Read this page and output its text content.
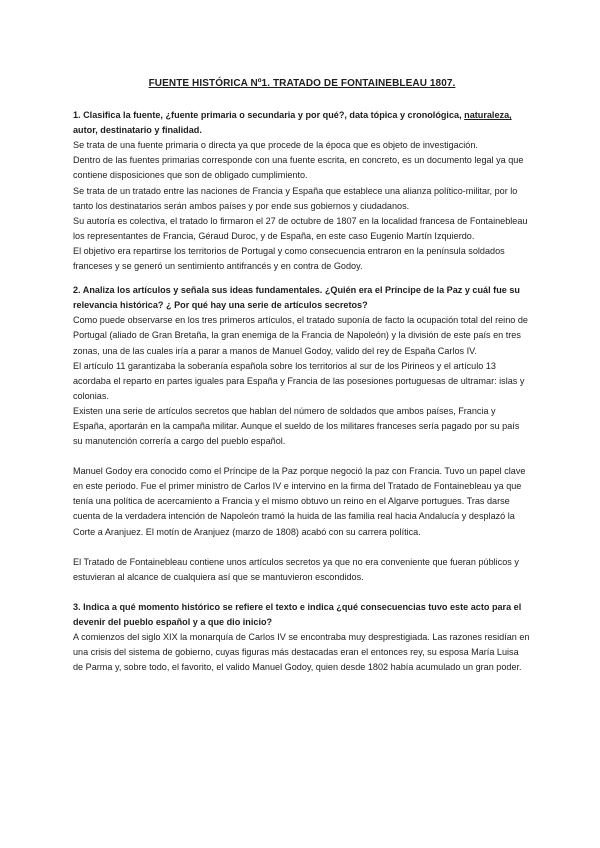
FUENTE HISTÓRICA Nº1. TRATADO DE FONTAINEBLEAU 1807.

1. Clasifica la fuente, ¿fuente primaria o secundaria y por qué?, data tópica y cronológica, naturaleza, autor, destinatario y finalidad.

Se trata de una fuente primaria o directa ya que procede de la época que es objeto de investigación.

Dentro de las fuentes primarias corresponde con una fuente escrita, en concreto, es un documento legal ya que contiene disposiciones que son de obligado cumplimiento.

Se trata de un tratado entre las naciones de Francia y España que establece una alianza político-militar, por lo tanto los destinatarios serán ambos países y por ende sus gobiernos y ciudadanos.

Su autoría es colectiva, el tratado lo firmaron el 27 de octubre de 1807 en la localidad francesa de Fontainebleau los representantes de Francia, Géraud Duroc, y de España, en este caso Eugenio Martín Izquierdo.

El objetivo era repartirse los territorios de Portugal y como consecuencia entraron en la península soldados franceses y se generó un sentimiento antifrancés y en contra de Godoy.

2. Analiza los artículos y señala sus ideas fundamentales. ¿Quién era el Príncipe de la Paz y cuál fue su relevancia histórica? ¿ Por qué hay una serie de artículos secretos?

Como puede observarse en los tres primeros artículos, el tratado suponía de facto la ocupación total del reino de Portugal (aliado de Gran Bretaña, la gran enemiga de la Francia de Napoleón) y la división de este país en tres zonas, una de las cuales iría a parar a manos de Manuel Godoy, valido del rey de España Carlos IV.

El artículo 11 garantizaba la soberanía española sobre los territorios al sur de los Pirineos y el artículo 13 acordaba el reparto en partes iguales para España y Francia de las posesiones portuguesas de ultramar: islas y colonias.

Existen una serie de artículos secretos que hablan del número de soldados que ambos países, Francia y España, aportarán en la campaña militar. Aunque el sueldo de los militares franceses sería pagado por su país su manutención correría a cargo del pueblo español.

Manuel Godoy era conocido como el Príncipe de la Paz porque negoció la paz con Francia. Tuvo un papel clave en este periodo. Fue el primer ministro de Carlos IV e intervino en la firma del Tratado de Fontainebleau ya que tenía una política de acercamiento a Francia y el mismo obtuvo un reino en el Algarve portugues. Tras darse cuenta de la verdadera intención de Napoleón tramó la huida de las familia real hacia Andalucía y desplazó la Corte a Aranjuez. El motín de Aranjuez (marzo de 1808) acabó con su carrera política.

El Tratado de Fontainebleau contiene unos artículos secretos ya que no era conveniente que fueran públicos y estuvieran al alcance de cualquiera así que se mantuvieron escondidos.

3. Indica a qué momento histórico se refiere el texto e indica ¿qué consecuencias tuvo este acto para el devenir del pueblo español y a que dio inicio?

A comienzos del siglo XIX la monarquía de Carlos IV se encontraba muy desprestigiada. Las razones residían en una crisis del sistema de gobierno, cuyas figuras más destacadas eran el entonces rey, su esposa María Luisa de Parma y, sobre todo, el favorito, el valido Manuel Godoy, quien desde 1802 había acumulado un gran poder.
